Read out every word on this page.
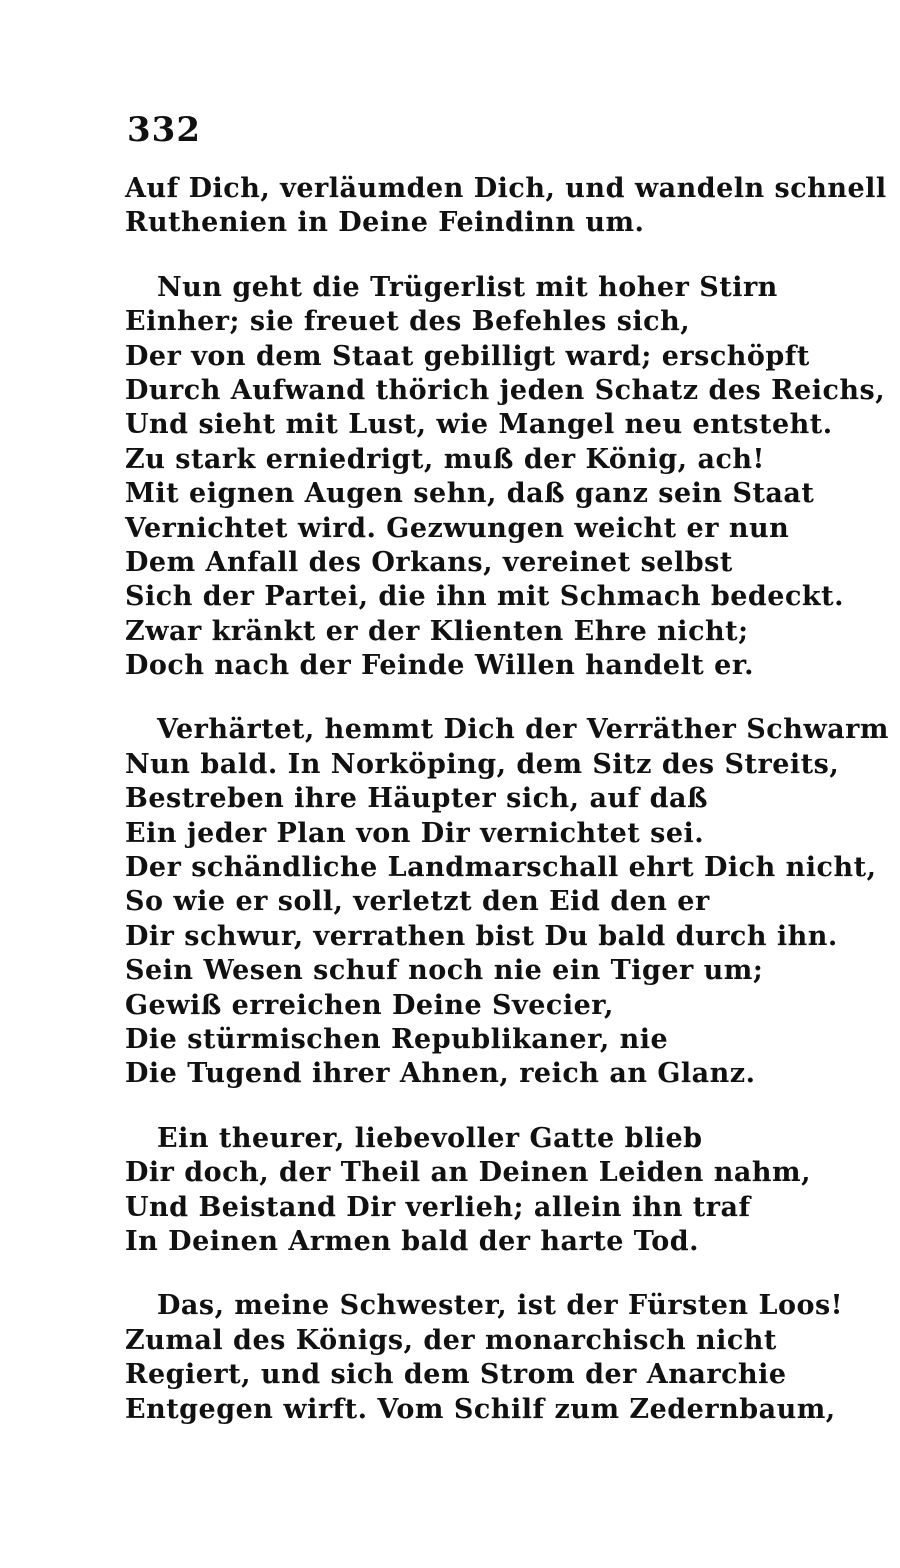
332
Auf Dich, verläumden Dich, und wandeln schnell
Ruthenien in Deine Feindinn um.
Nun geht die Trügerlist mit hoher Stirn
Einher; sie freuet des Befehles sich,
Der von dem Staat gebilligt ward; erschöpft
Durch Aufwand thörich jeden Schatz des Reichs,
Und sieht mit Lust, wie Mangel neu entsteht.
Zu stark erniedrigt, muß der König, ach!
Mit eignen Augen sehn, daß ganz sein Staat
Vernichtet wird. Gezwungen weicht er nun
Dem Anfall des Orkans, vereinet selbst
Sich der Partei, die ihn mit Schmach bedeckt.
Zwar kränkt er der Klienten Ehre nicht;
Doch nach der Feinde Willen handelt er.
Verhärtet, hemmt Dich der Verräther Schwarm
Nun bald. In Norköping, dem Sitz des Streits,
Bestreben ihre Häupter sich, auf daß
Ein jeder Plan von Dir vernichtet sei.
Der schändliche Landmarschall ehrt Dich nicht,
So wie er soll, verletzt den Eid den er
Dir schwur, verrathen bist Du bald durch ihn.
Sein Wesen schuf noch nie ein Tiger um;
Gewiß erreichen Deine Svecier,
Die stürmischen Republikaner, nie
Die Tugend ihrer Ahnen, reich an Glanz.
Ein theurer, liebevoller Gatte blieb
Dir doch, der Theil an Deinen Leiden nahm,
Und Beistand Dir verlieh; allein ihn traf
In Deinen Armen bald der harte Tod.
Das, meine Schwester, ist der Fürsten Loos!
Zumal des Königs, der monarchisch nicht
Regiert, und sich dem Strom der Anarchie
Entgegen wirft. Vom Schilf zum Zedernbaum,
